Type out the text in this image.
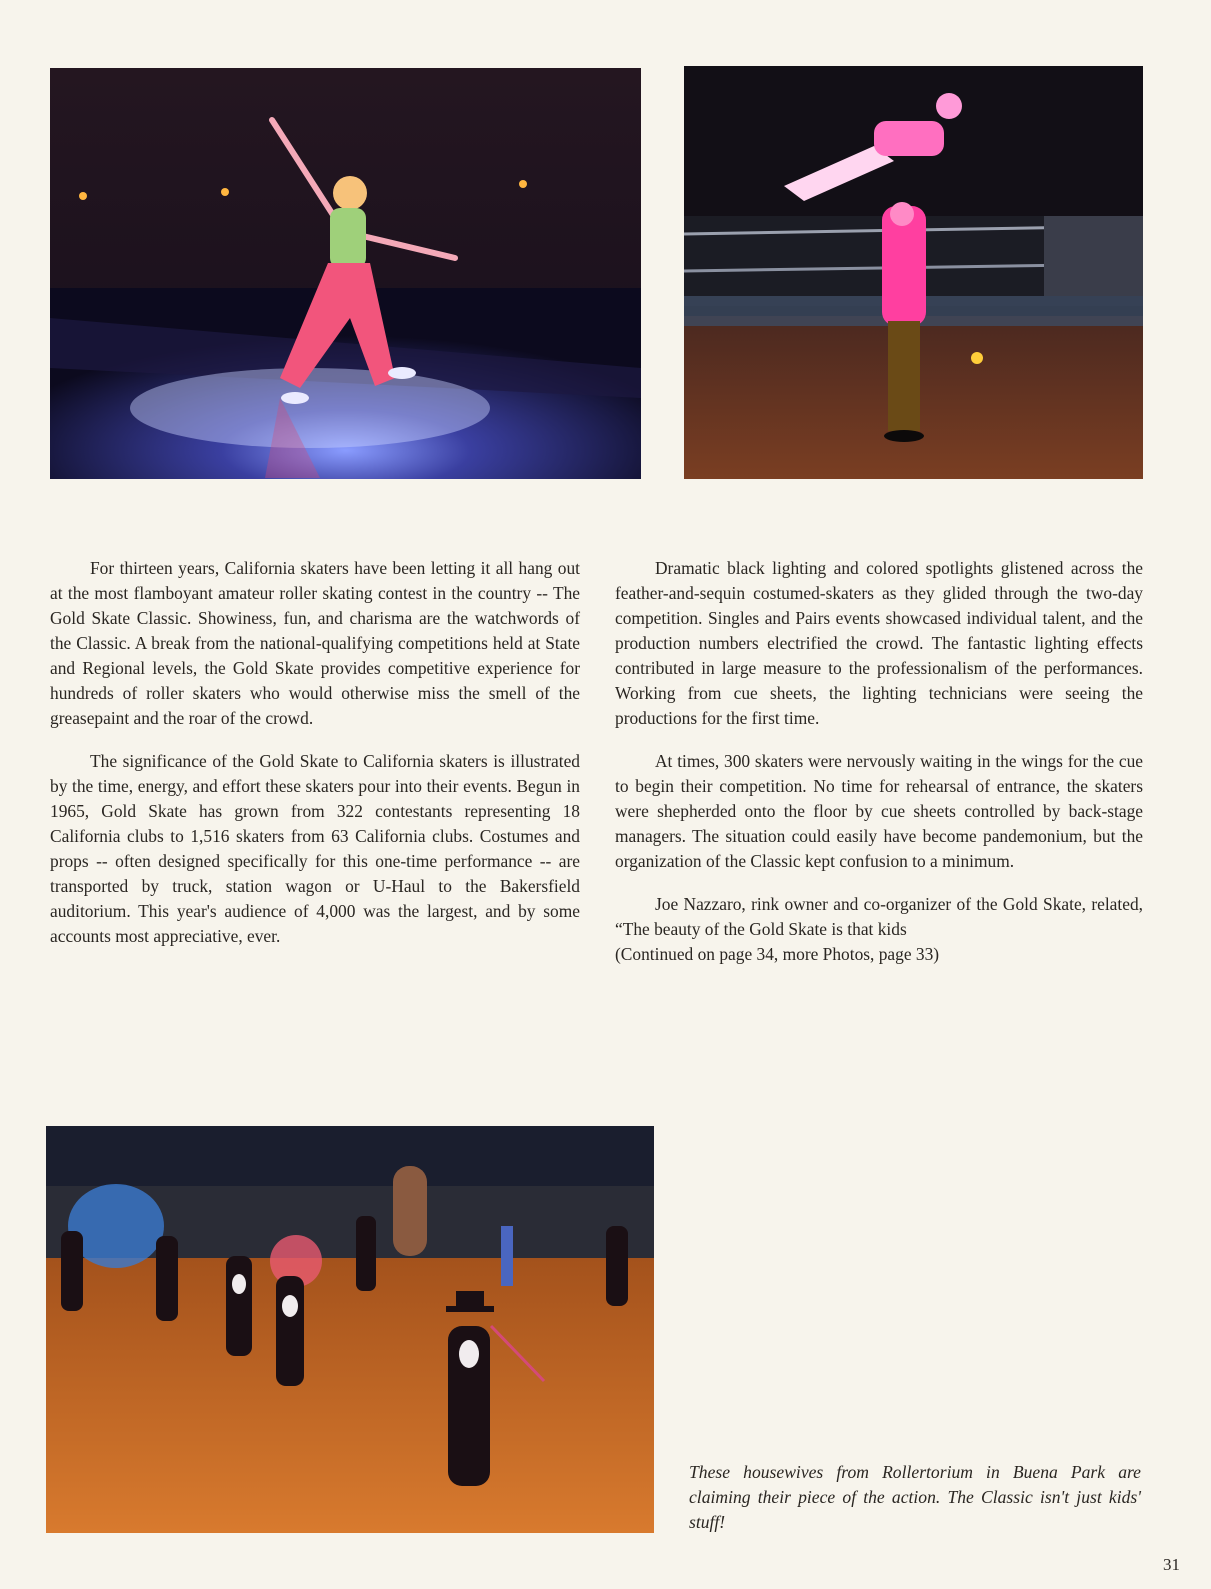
For thirteen years, California skaters have been letting it all hang out at the most flamboyant amateur roller skating contest in the country -- The Gold Skate Classic. Showiness, fun, and charisma are the watchwords of the Classic. A break from the national-qualifying competitions held at State and Regional levels, the Gold Skate provides competitive experience for hundreds of roller skaters who would otherwise miss the smell of the greasepaint and the roar of the crowd.

The significance of the Gold Skate to California skaters is illustrated by the time, energy, and effort these skaters pour into their events. Begun in 1965, Gold Skate has grown from 322 contestants representing 18 California clubs to 1,516 skaters from 63 California clubs. Costumes and props -- often designed specifically for this one-time performance -- are transported by truck, station wagon or U-Haul to the Bakersfield auditorium. This year's audience of 4,000 was the largest, and by some accounts most appreciative, ever.

Dramatic black lighting and colored spotlights glistened across the feather-and-sequin costumed-skaters as they glided through the two-day competition. Singles and Pairs events showcased individual talent, and the production numbers electrified the crowd. The fantastic lighting effects contributed in large measure to the professionalism of the performances. Working from cue sheets, the lighting technicians were seeing the productions for the first time.

At times, 300 skaters were nervously waiting in the wings for the cue to begin their competition. No time for rehearsal of entrance, the skaters were shepherded onto the floor by cue sheets controlled by back-stage managers. The situation could easily have become pandemonium, but the organization of the Classic kept confusion to a minimum.

Joe Nazzaro, rink owner and co-organizer of the Gold Skate, related, “The beauty of the Gold Skate is that kids

(Continued on page 34, more Photos, page 33)

These housewives from Rollertorium in Buena Park are claiming their piece of the action. The Classic isn't just kids' stuff!
31
